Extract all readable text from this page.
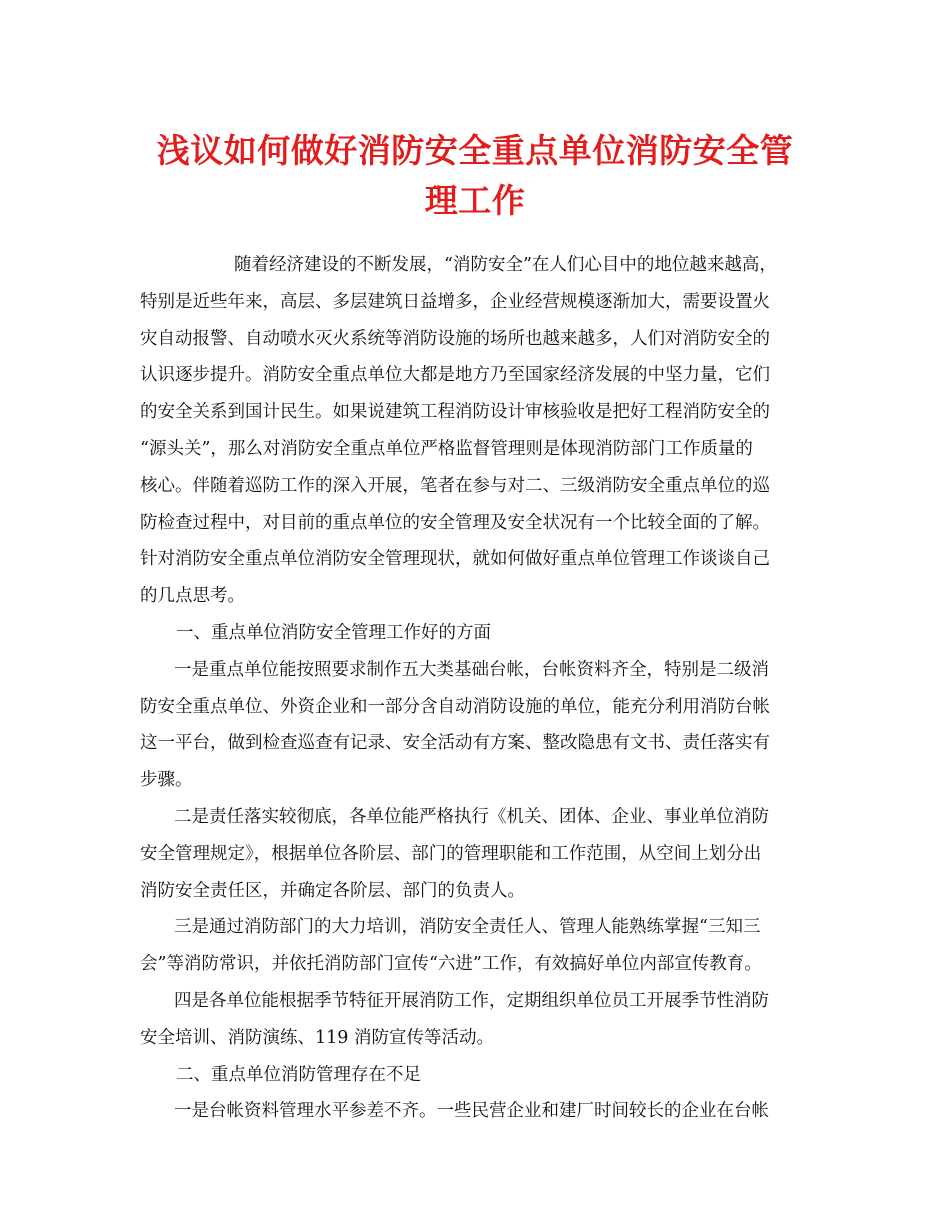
浅议如何做好消防安全重点单位消防安全管
理工作
随着经济建设的不断发展，“消防安全”在人们心目中的地位越来越高，
特别是近些年来，高层、多层建筑日益增多，企业经营规模逐渐加大，需要设置火
灾自动报警、自动喷水灭火系统等消防设施的场所也越来越多，人们对消防安全的
认识逐步提升。消防安全重点单位大都是地方乃至国家经济发展的中坚力量，它们
的安全关系到国计民生。如果说建筑工程消防设计审核验收是把好工程消防安全的
“源头关”，那么对消防安全重点单位严格监督管理则是体现消防部门工作质量的
核心。伴随着巡防工作的深入开展，笔者在参与对二、三级消防安全重点单位的巡
防检查过程中，对目前的重点单位的安全管理及安全状况有一个比较全面的了解。
针对消防安全重点单位消防安全管理现状，就如何做好重点单位管理工作谈谈自己
的几点思考。
一、重点单位消防安全管理工作好的方面
一是重点单位能按照要求制作五大类基础台帐，台帐资料齐全，特别是二级消
防安全重点单位、外资企业和一部分含自动消防设施的单位，能充分利用消防台帐
这一平台，做到检查巡查有记录、安全活动有方案、整改隐患有文书、责任落实有
步骤。
二是责任落实较彻底，各单位能严格执行《机关、团体、企业、事业单位消防
安全管理规定》，根据单位各阶层、部门的管理职能和工作范围，从空间上划分出
消防安全责任区，并确定各阶层、部门的负责人。
三是通过消防部门的大力培训，消防安全责任人、管理人能熟练掌握“三知三
会”等消防常识，并依托消防部门宣传“六进”工作，有效搞好单位内部宣传教育。
四是各单位能根据季节特征开展消防工作，定期组织单位员工开展季节性消防
安全培训、消防演练、119 消防宣传等活动。
二、重点单位消防管理存在不足
一是台帐资料管理水平参差不齐。一些民营企业和建厂时间较长的企业在台帐
